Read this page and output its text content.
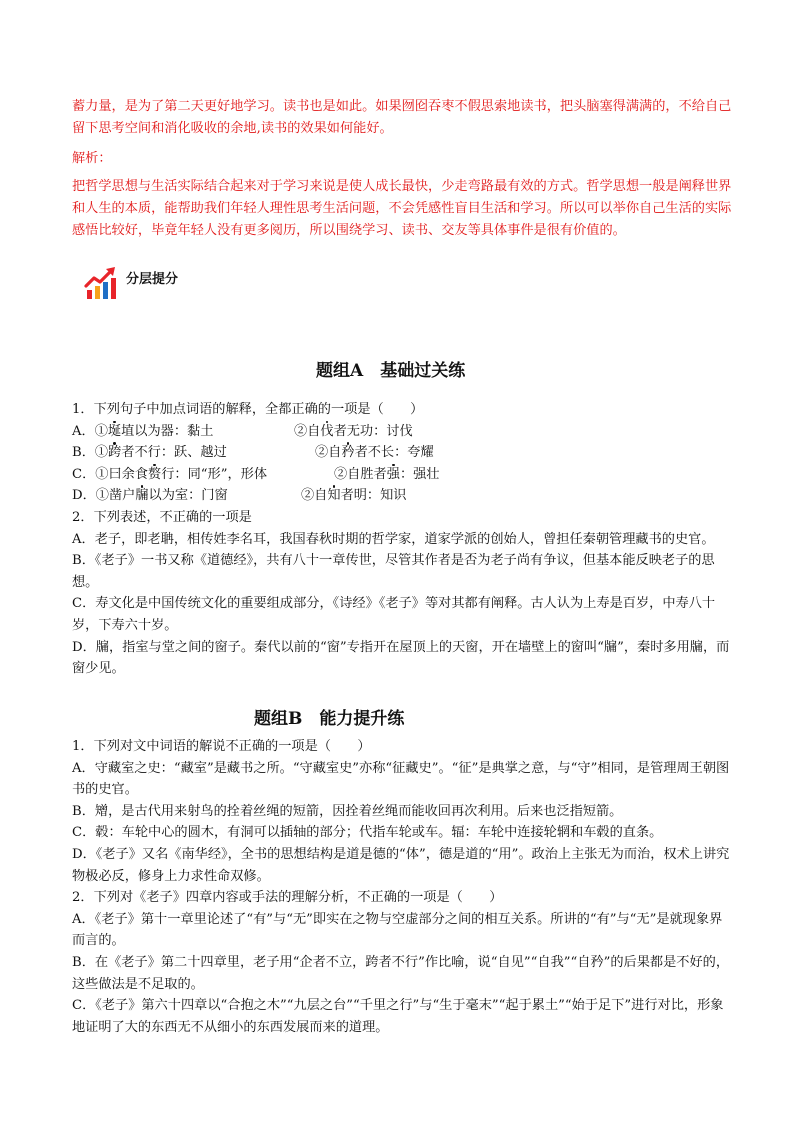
蓄力量，是为了第二天更好地学习。读书也是如此。如果囫囵吞枣不假思索地读书，把头脑塞得满满的，不给自己留下思考空间和消化吸收的余地,读书的效果如何能好。
解析：
把哲学思想与生活实际结合起来对于学习来说是使人成长最快，少走弯路最有效的方式。哲学思想一般是阐释世界和人生的本质，能帮助我们年轻人理性思考生活问题，不会凭感性盲目生活和学习。所以可以举你自己生活的实际感悟比较好，毕竟年轻人没有更多阅历，所以围绕学习、读书、交友等具体事件是很有价值的。
分层提分
题组A　基础过关练
1．下列句子中加点词语的解释，全都正确的一项是（　　）
A．①埏埴以为器：黏土	②自伐者无功：讨伐
B．①跨者不行：跃、越过	②自矜者不长：夸耀
C．①曰余食赘行：同“形”，形体	②自胜者强：强壮
D．①凿户牖以为室：门窗	②自知者明：知识
2．下列表述，不正确的一项是
A．老子，即老聃，相传姓李名耳，我国春秋时期的哲学家，道家学派的创始人，曾担任秦朝管理藏书的史官。
B．《老子》一书又称《道德经》，共有八十一章传世，尽管其作者是否为老子尚有争议，但基本能反映老子的思想。
C．寿文化是中国传统文化的重要组成部分，《诗经》《老子》等对其都有阐释。古人认为上寿是百岁，中寿八十岁，下寿六十岁。
D．牖，指室与堂之间的窗子。秦代以前的“窗”专指开在屋顶上的天窗，开在墙壁上的窗叫“牖”，秦时多用牖，而窗少见。
题组B　能力提升练
1．下列对文中词语的解说不正确的一项是（　　）
A．守藏室之史：“藏室”是藏书之所。“守藏室史”亦称“征藏史”。“征”是典掌之意，与“守”相同，是管理周王朝图书的史官。
B．矰，是古代用来射鸟的拴着丝绳的短箭，因拴着丝绳而能收回再次利用。后来也泛指短箭。
C．毂：车轮中心的圆木，有洞可以插轴的部分；代指车轮或车。辐：车轮中连接轮辋和车毂的直条。
D．《老子》又名《南华经》，全书的思想结构是道是德的“体”，德是道的“用”。政治上主张无为而治，权术上讲究物极必反，修身上力求性命双修。
2．下列对《老子》四章内容或手法的理解分析，不正确的一项是（　　）
A．《老子》第十一章里论述了“有”与“无”即实在之物与空虚部分之间的相互关系。所讲的“有”与“无”是就现象界而言的。
B．在《老子》第二十四章里，老子用“企者不立，跨者不行”作比喻，说“自见”“自我”“自矜”的后果都是不好的，这些做法是不足取的。
C．《老子》第六十四章以“合抱之木”“九层之台”“千里之行”与“生于毫末”“起于累土”“始于足下”进行对比，形象地证明了大的东西无不从细小的东西发展而来的道理。
